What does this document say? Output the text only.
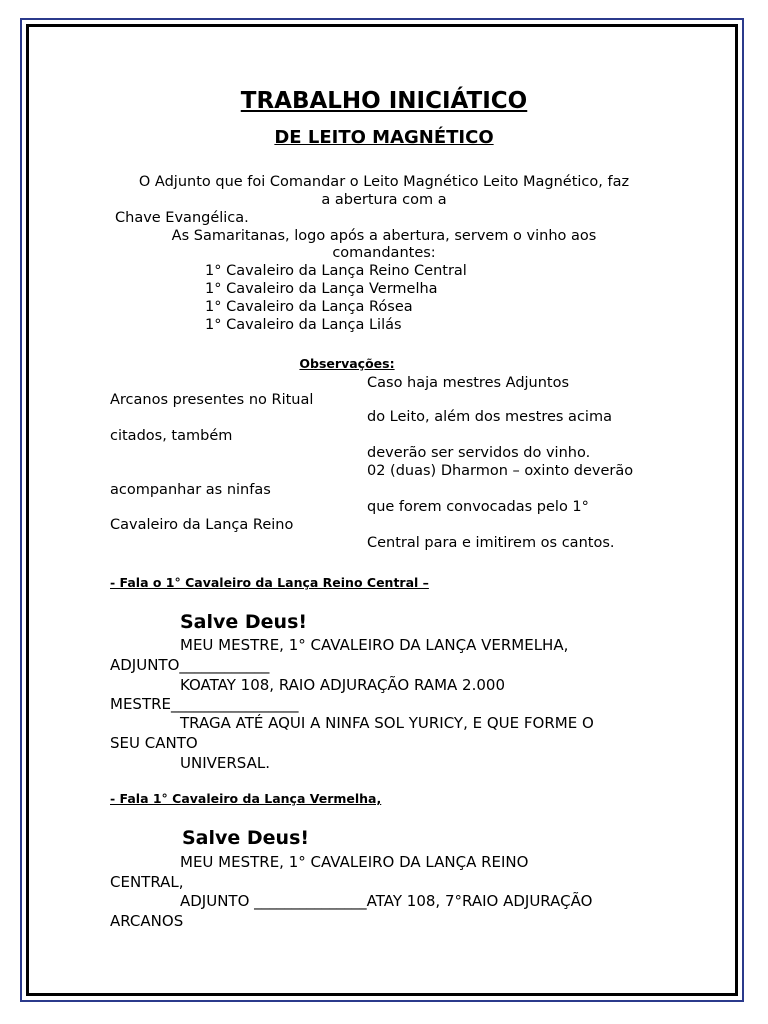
TRABALHO INICIÁTICO
DE LEITO MAGNÉTICO
O Adjunto que foi Comandar o Leito Magnético Leito Magnético, faz
a abertura com a
Chave Evangélica.
As Samaritanas, logo após a abertura, servem o vinho aos
comandantes:
1° Cavaleiro da Lança Reino Central
1° Cavaleiro da Lança Vermelha
1° Cavaleiro da Lança Rósea
1° Cavaleiro da Lança Lilás
Observações:
Caso haja mestres Adjuntos
Arcanos presentes no Ritual
do Leito, além dos mestres acima
citados, também
deverão ser servidos do vinho.
02 (duas) Dharmon – oxinto deverão
acompanhar as ninfas
que forem convocadas pelo 1°
Cavaleiro da Lança Reino
Central para e imitirem os cantos.
- Fala o 1° Cavaleiro da Lança Reino Central –
Salve Deus!
MEU MESTRE, 1° CAVALEIRO DA LANÇA VERMELHA,
ADJUNTO____________
KOATAY 108, RAIO ADJURAÇÃO RAMA 2.000
MESTRE_________________
TRAGA ATÉ AQUI A NINFA SOL YURICY, E QUE FORME O
SEU CANTO
UNIVERSAL.
- Fala 1° Cavaleiro da Lança Vermelha,
Salve Deus!
MEU MESTRE, 1° CAVALEIRO DA LANÇA REINO
CENTRAL,
ADJUNTO _______________ATAY 108, 7°RAIO ADJURAÇÃO
ARCANOS
